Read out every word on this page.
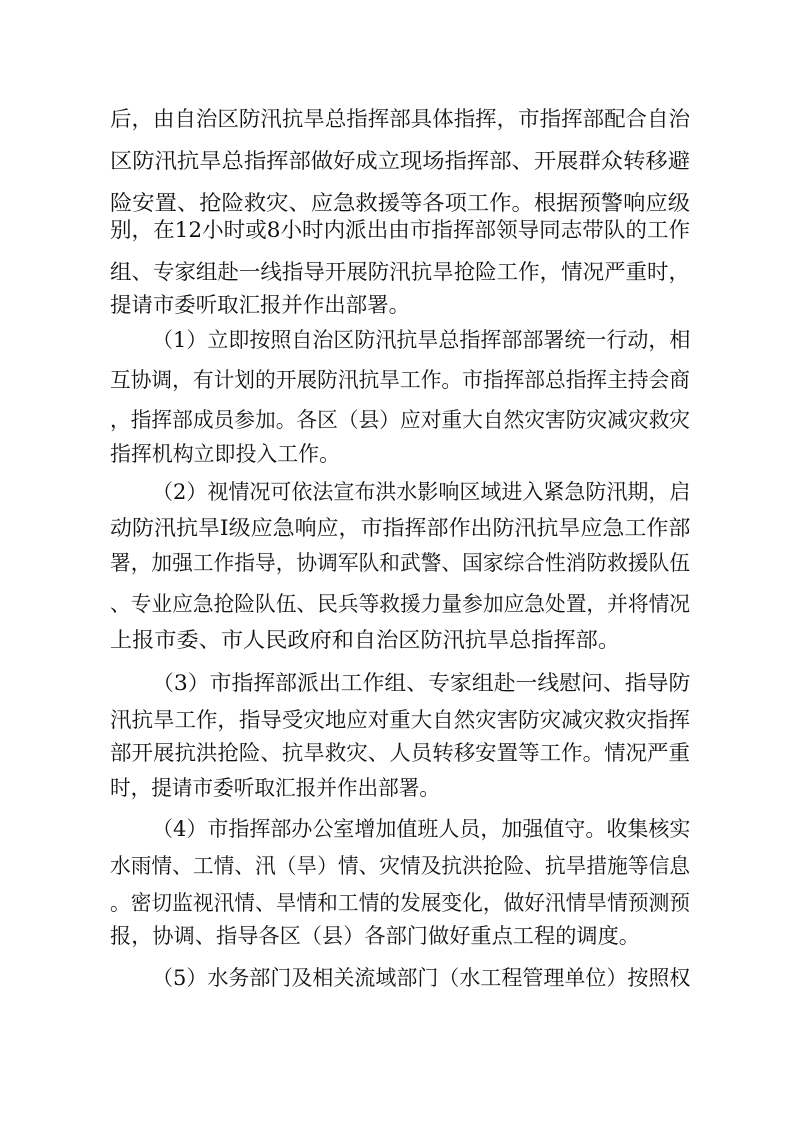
后，由自治区防汛抗旱总指挥部具体指挥，市指挥部配合自治
区防汛抗旱总指挥部做好成立现场指挥部、开展群众转移避
险安置、抢险救灾、应急救援等各项工作。根据预警响应级
别，在12小时或8小时内派出由市指挥部领导同志带队的工作
组、专家组赴一线指导开展防汛抗旱抢险工作，情况严重时，
提请市委听取汇报并作出部署。
（1）立即按照自治区防汛抗旱总指挥部部署统一行动，相
互协调，有计划的开展防汛抗旱工作。市指挥部总指挥主持会商
，指挥部成员参加。各区（县）应对重大自然灾害防灾减灾救灾
指挥机构立即投入工作。
（2）视情况可依法宣布洪水影响区域进入紧急防汛期，启
动防汛抗旱Ⅰ级应急响应，市指挥部作出防汛抗旱应急工作部
署，加强工作指导，协调军队和武警、国家综合性消防救援队伍
、专业应急抢险队伍、民兵等救援力量参加应急处置，并将情况
上报市委、市人民政府和自治区防汛抗旱总指挥部。
（3）市指挥部派出工作组、专家组赴一线慰问、指导防
汛抗旱工作，指导受灾地应对重大自然灾害防灾减灾救灾指挥
部开展抗洪抢险、抗旱救灾、人员转移安置等工作。情况严重
时，提请市委听取汇报并作出部署。
（4）市指挥部办公室增加值班人员，加强值守。收集核实
水雨情、工情、汛（旱）情、灾情及抗洪抢险、抗旱措施等信息
。密切监视汛情、旱情和工情的发展变化，做好汛情旱情预测预
报，协调、指导各区（县）各部门做好重点工程的调度。
（5）水务部门及相关流域部门（水工程管理单位）按照权
